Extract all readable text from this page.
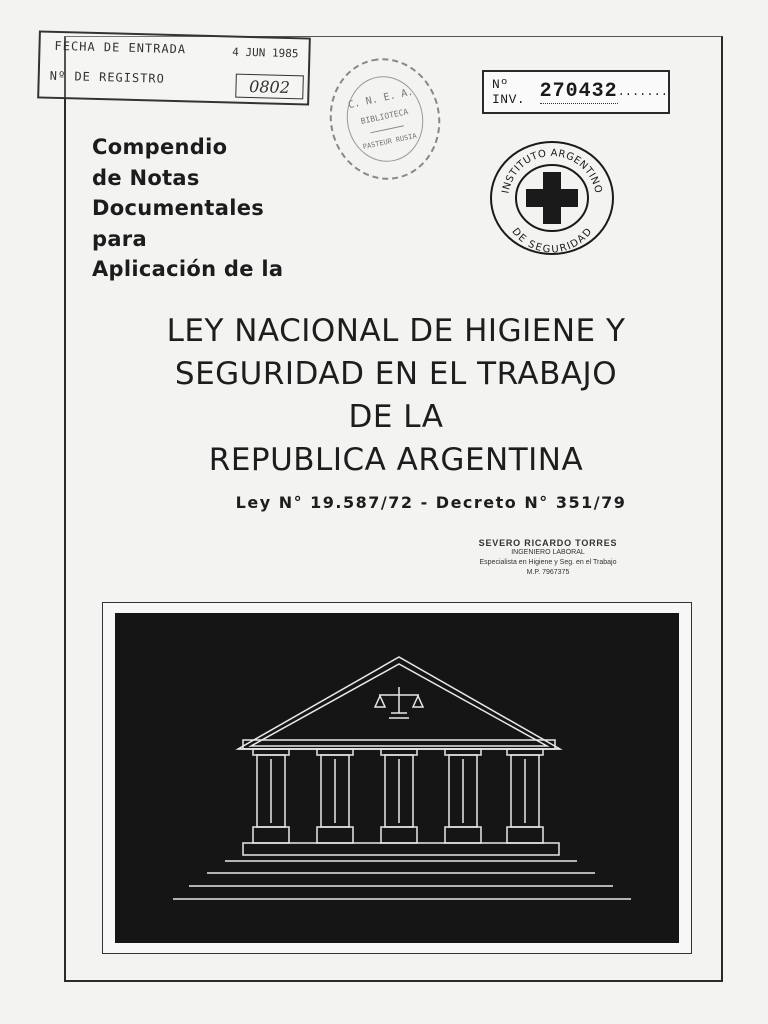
FECHA DE ENTRADA	4 JUN 1985
Nº DE REGISTRO	0802	C. N. E. A.
BIBLIOTECA
PASTEUR RUSIA
Nº INV. 270432 .......
Compendio
de Notas
Documentales
para
Aplicación de la
INSTITUTO ARGENTINO
DE SEGURIDAD
LEY NACIONAL DE HIGIENE Y
SEGURIDAD EN EL TRABAJO
DE LA
REPUBLICA ARGENTINA
Ley N° 19.587/72 - Decreto N° 351/79
SEVERO RICARDO TORRES
INGENIERO LABORAL
Especialista en Higiene y Seg. en el Trabajo
M.P. 7967375
